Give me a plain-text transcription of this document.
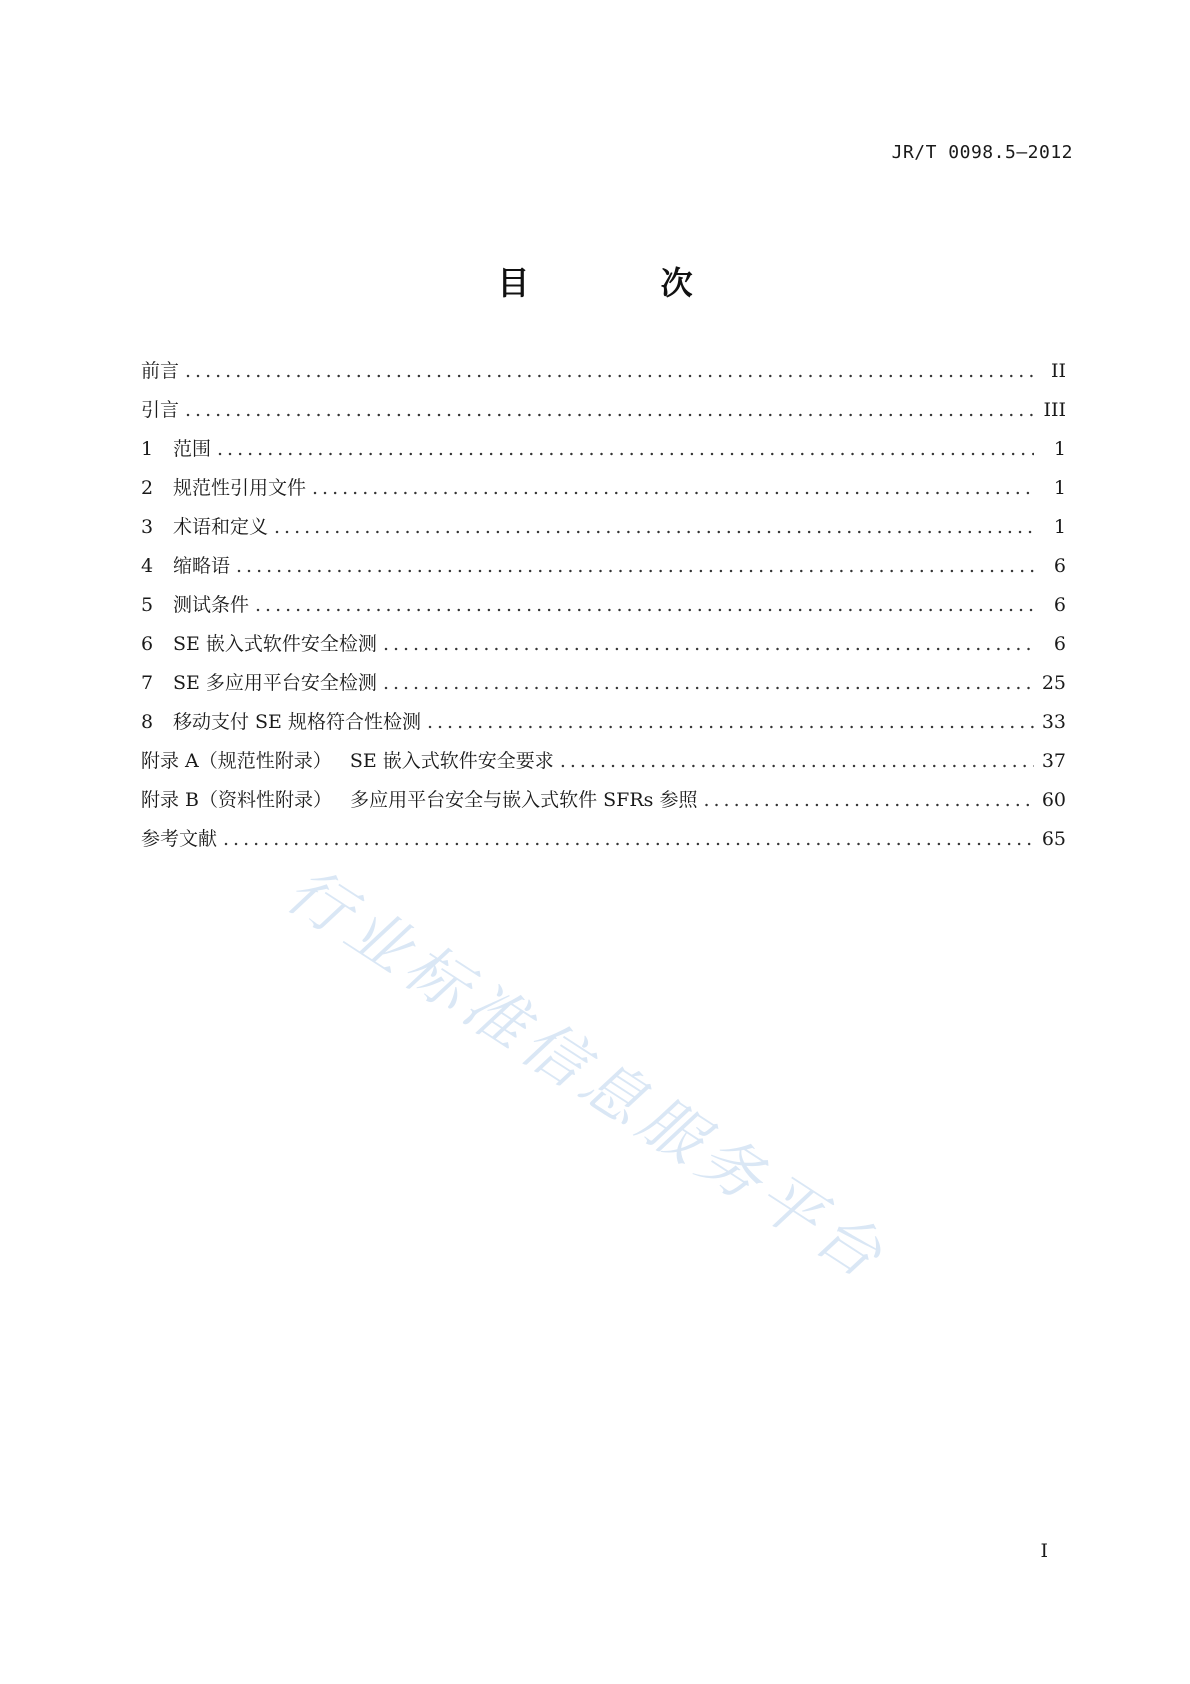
JR/T 0098.5—2012
目 次
前言 .....	II
引言 .....	III
1	范围 .....	1
2	规范性引用文件 .....	1
3	术语和定义 .....	1
4	缩略语 .....	6
5	测试条件 .....	6
6	SE 嵌入式软件安全检测 .....	6
7	SE 多应用平台安全检测 .....	25
8	移动支付 SE 规格符合性检测 .....	33
附录 A（规范性附录）   SE 嵌入式软件安全要求 .....	37
附录 B（资料性附录）   多应用平台安全与嵌入式软件 SFRs 参照 .....	60
参考文献 .....	65
行业标准信息服务平台
I
